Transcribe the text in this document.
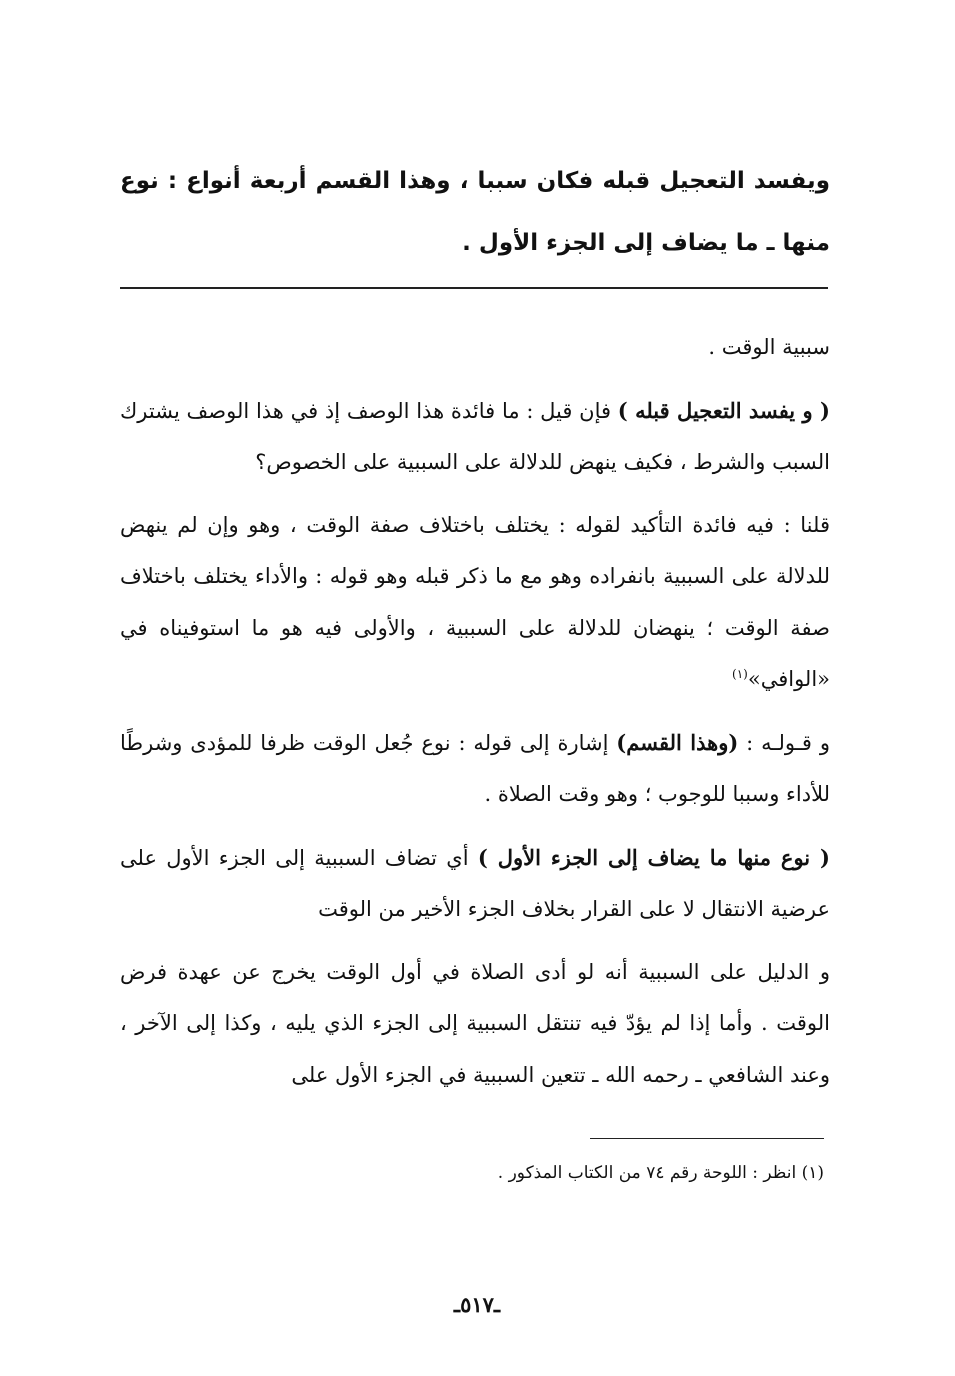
ويفسد التعجيل قبله فكان سببا ، وهذا القسم أربعة أنواع : نوع منها ـ ما يضاف إلى الجزء الأول .

سببية الوقت .

( و يفسد التعجيل قبله ) فإن قيل : ما فائدة هذا الوصف إذ في هذا الوصف يشترك السبب والشرط ، فكيف ينهض للدلالة على السببية على الخصوص؟

قلنا : فيه فائدة التأكيد لقوله : يختلف باختلاف صفة الوقت ، وهو وإن لم ينهض للدلالة على السببية بانفراده وهو مع ما ذكر قبله وهو قوله : والأداء يختلف باختلاف صفة الوقت ؛ ينهضان للدلالة على السببية ، والأولى فيه هو ما استوفيناه في «الوافي»$^{(١)}$

و قـولـه : (وهذا القسم) إشارة إلى قوله : نوع جُعل الوقت ظرفا للمؤدى وشرطًا للأداء وسببا للوجوب ؛ وهو وقت الصلاة .

( نوع منها ما يضاف إلى الجزء الأول ) أي تضاف السببية إلى الجزء الأول على عرضية الانتقال لا على القرار بخلاف الجزء الأخير من الوقت

و الدليل على السببية أنه لو أدى الصلاة في أول الوقت يخرج عن عهدة فرض الوقت . وأما إذا لم يؤدّ فيه تنتقل السببية إلى الجزء الذي يليه ، وكذا إلى الآخر ، وعند الشافعي ـ رحمه الله ـ تتعين السببية في الجزء الأول على

(١) انظر : اللوحة رقم ٧٤ من الكتاب المذكور .
ـ٥١٧ـ
